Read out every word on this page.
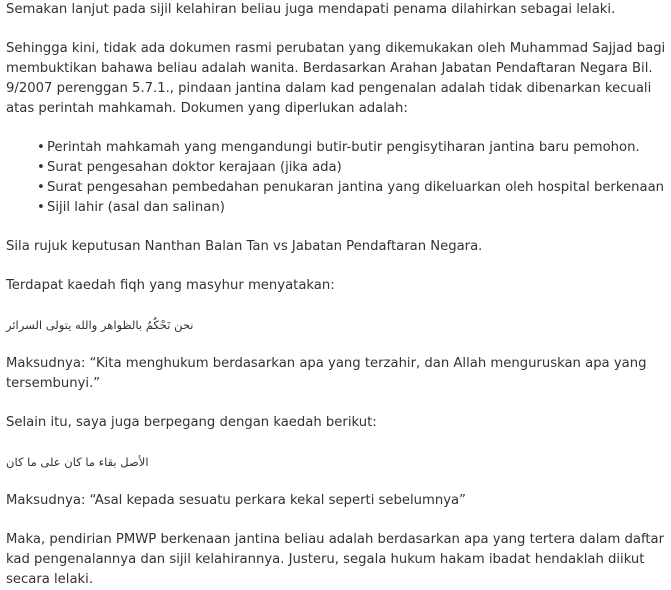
Semakan lanjut pada sijil kelahiran beliau juga mendapati penama dilahirkan sebagai lelaki.

Sehingga kini, tidak ada dokumen rasmi perubatan yang dikemukakan oleh Muhammad Sajjad bagi membuktikan bahawa beliau adalah wanita. Berdasarkan Arahan Jabatan Pendaftaran Negara Bil. 9/2007 perenggan 5.7.1., pindaan jantina dalam kad pengenalan adalah tidak dibenarkan kecuali atas perintah mahkamah. Dokumen yang diperlukan adalah:

• Perintah mahkamah yang mengandungi butir-butir pengisytiharan jantina baru pemohon.
• Surat pengesahan doktor kerajaan (jika ada)
• Surat pengesahan pembedahan penukaran jantina yang dikeluarkan oleh hospital berkenaan
• Sijil lahir (asal dan salinan)

Sila rujuk keputusan Nanthan Balan Tan vs Jabatan Pendaftaran Negara.

Terdapat kaedah fiqh yang masyhur menyatakan:

نحن نَحْكُمُ بالظواهر والله يتولى السرائر

Maksudnya: “Kita menghukum berdasarkan apa yang terzahir, dan Allah menguruskan apa yang tersembunyi.”

Selain itu, saya juga berpegang dengan kaedah berikut:

الأصل بقاء ما كان على ما كان

Maksudnya: “Asal kepada sesuatu perkara kekal seperti sebelumnya”

Maka, pendirian PMWP berkenaan jantina beliau adalah berdasarkan apa yang tertera dalam daftar kad pengenalannya dan sijil kelahirannya. Justeru, segala hukum hakam ibadat hendaklah diikut secara lelaki.
